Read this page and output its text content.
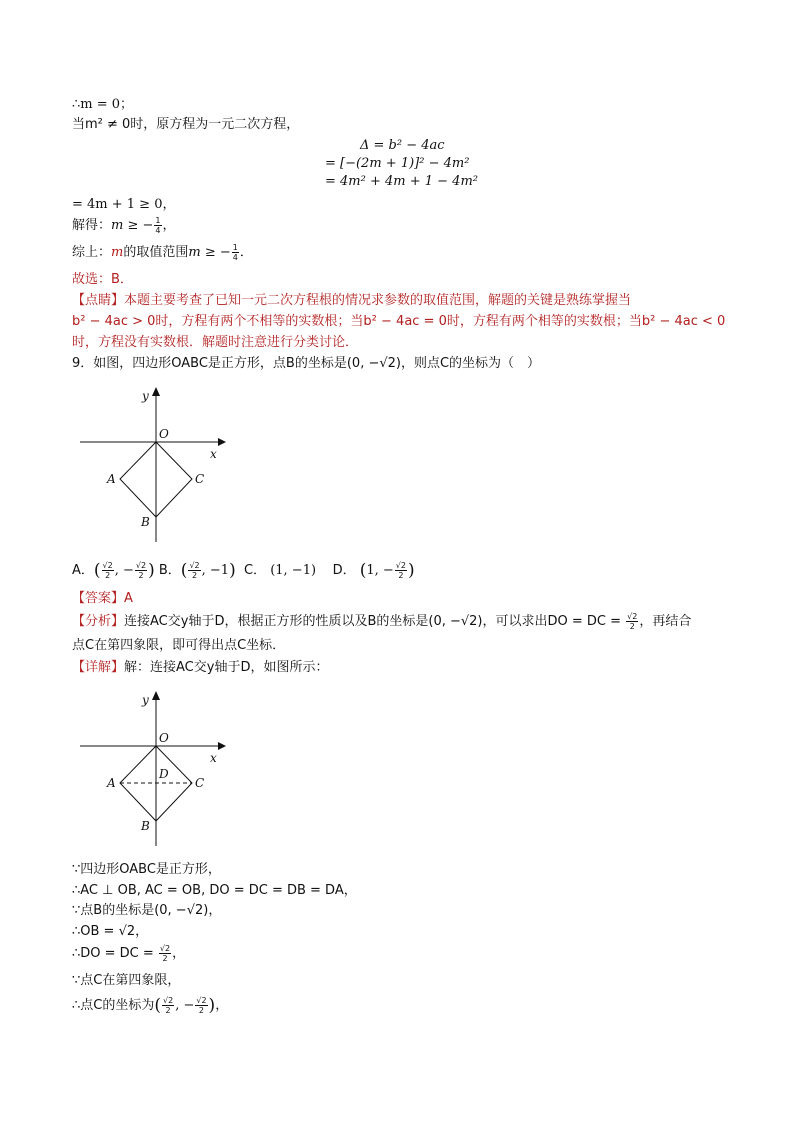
∴m = 0；
当m² ≠ 0时，原方程为一元二次方程，
Δ = b² − 4ac
= [−(2m + 1)]² − 4m²
= 4m² + 4m + 1 − 4m²
= 4m + 1 ≥ 0，
解得：m ≥ − $\frac{1}{4}$ ，
综上：m的取值范围m ≥ − $\frac{1}{4}$ ．
故选：B．
【点睛】本题主要考查了已知一元二次方程根的情况求参数的取值范围，解题的关键是熟练掌握当
b² − 4ac > 0时，方程有两个不相等的实数根；当b² − 4ac = 0时，方程有两个相等的实数根；当b² − 4ac < 0
时，方程没有实数根．解题时注意进行分类讨论．
9．如图，四边形OABC是正方形，点B的坐标是(0, −√2)，则点C的坐标为（　）
y
x
O
A	C
B
A．( $\frac{√2}{2}$ , − $\frac{√2}{2}$ ) B．( $\frac{√2}{2}$ , −1) C． (1, −1) D． (1, − $\frac{√2}{2}$ )
【答案】A
【分析】连接AC交y轴于D，根据正方形的性质以及B的坐标是(0, −√2)，可以求出DO = DC = $\frac{√2}{2}$ ，再结合
点C在第四象限，即可得出点C坐标．
【详解】解：连接AC交y轴于D，如图所示：
y
x
O
D
A	C
B
∵四边形OABC是正方形，
∴AC ⊥ OB, AC = OB, DO = DC = DB = DA，
∵点B的坐标是(0, −√2)，
∴OB = √2，
∴DO = DC = $\frac{√2}{2}$ ，
∵点C在第四象限，
∴点C的坐标为( $\frac{√2}{2}$ , − $\frac{√2}{2}$ )，
